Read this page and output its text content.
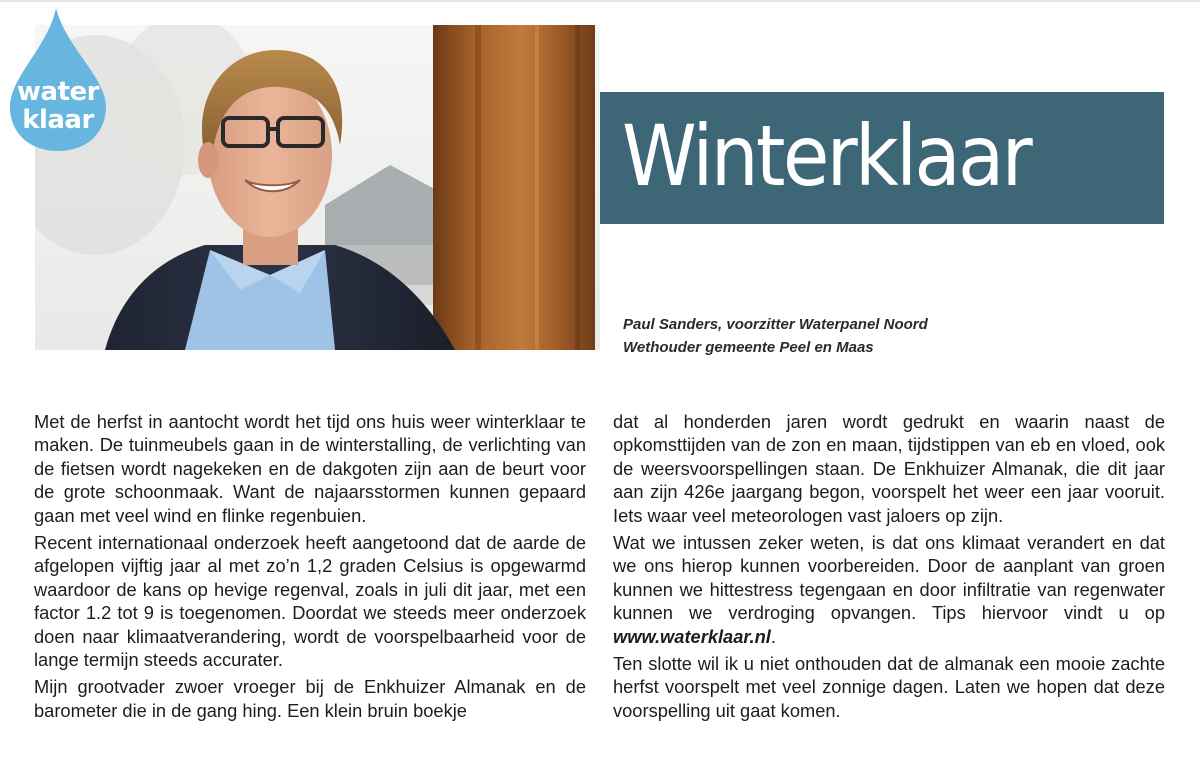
water
klaar	Winterklaar
Paul Sanders, voorzitter Waterpanel Noord
Wethouder gemeente Peel en Maas

Met de herfst in aantocht wordt het tijd ons huis weer winterklaar te maken. De tuinmeubels gaan in de winterstalling, de verlichting van de fietsen wordt nagekeken en de dakgoten zijn aan de beurt voor de grote schoonmaak. Want de najaarsstormen kunnen gepaard gaan met veel wind en flinke regenbuien.

Recent internationaal onderzoek heeft aangetoond dat de aarde de afgelopen vijftig jaar al met zo’n 1,2 graden Celsius is opgewarmd waardoor de kans op hevige regenval, zoals in juli dit jaar, met een factor 1.2 tot 9 is toegenomen. Doordat we steeds meer onderzoek doen naar klimaatverandering, wordt de voorspelbaarheid voor de lange termijn steeds accurater.

Mijn grootvader zwoer vroeger bij de Enkhuizer Almanak en de barometer die in de gang hing. Een klein bruin boekje

dat al honderden jaren wordt gedrukt en waarin naast de opkomsttijden van de zon en maan, tijdstippen van eb en vloed, ook de weersvoorspellingen staan. De Enkhuizer Almanak, die dit jaar aan zijn 426e jaargang begon, voorspelt het weer een jaar vooruit. Iets waar veel meteorologen vast jaloers op zijn.

Wat we intussen zeker weten, is dat ons klimaat verandert en dat we ons hierop kunnen voorbereiden. Door de aanplant van groen kunnen we hittestress tegengaan en door infiltratie van regenwater kunnen we verdroging opvangen. Tips hiervoor vindt u op www.waterklaar.nl.

Ten slotte wil ik u niet onthouden dat de almanak een mooie zachte herfst voorspelt met veel zonnige dagen. Laten we hopen dat deze voorspelling uit gaat komen.
